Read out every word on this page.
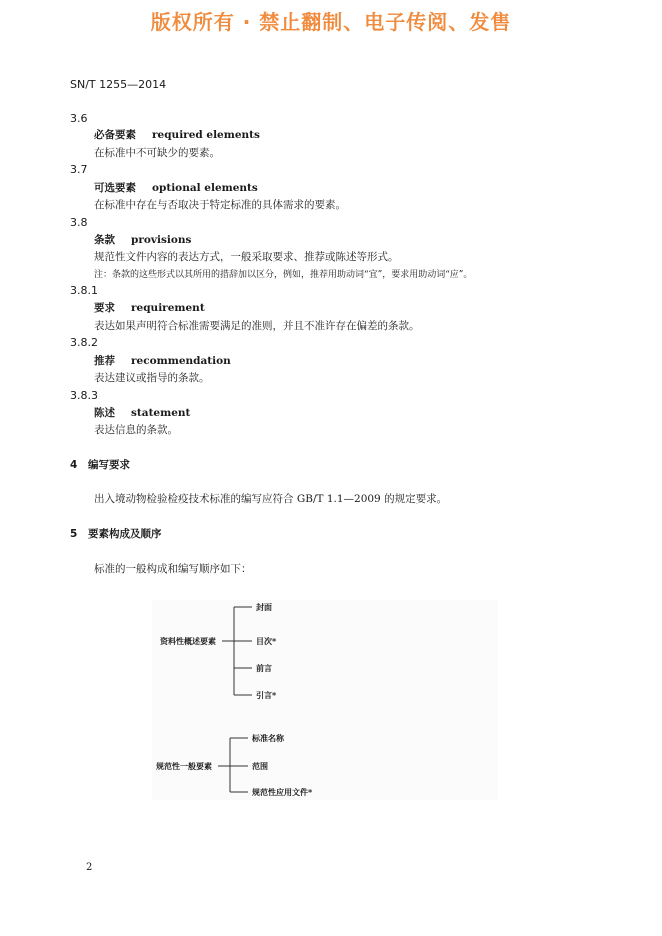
版权所有 · 禁止翻制、电子传阅、发售
SN/T 1255—2014
3.6
必备要素 required elements
在标准中不可缺少的要素。
3.7
可选要素 optional elements
在标准中存在与否取决于特定标准的具体需求的要素。
3.8
条款 provisions
规范性文件内容的表达方式，一般采取要求、推荐或陈述等形式。
注：条款的这些形式以其所用的措辞加以区分，例如，推荐用助动词“宜”，要求用助动词“应”。
3.8.1
要求 requirement
表达如果声明符合标准需要满足的准则，并且不准许存在偏差的条款。
3.8.2
推荐 recommendation
表达建议或指导的条款。
3.8.3
陈述 statement
表达信息的条款。
4 编写要求
出入境动物检验检疫技术标准的编写应符合 GB/T 1.1—2009 的规定要求。
5 要素构成及顺序
标准的一般构成和编写顺序如下：
资料性概述要素
封面
目次*
前言
引言*
规范性一般要素
标准名称
范围
规范性应用文件*
2
